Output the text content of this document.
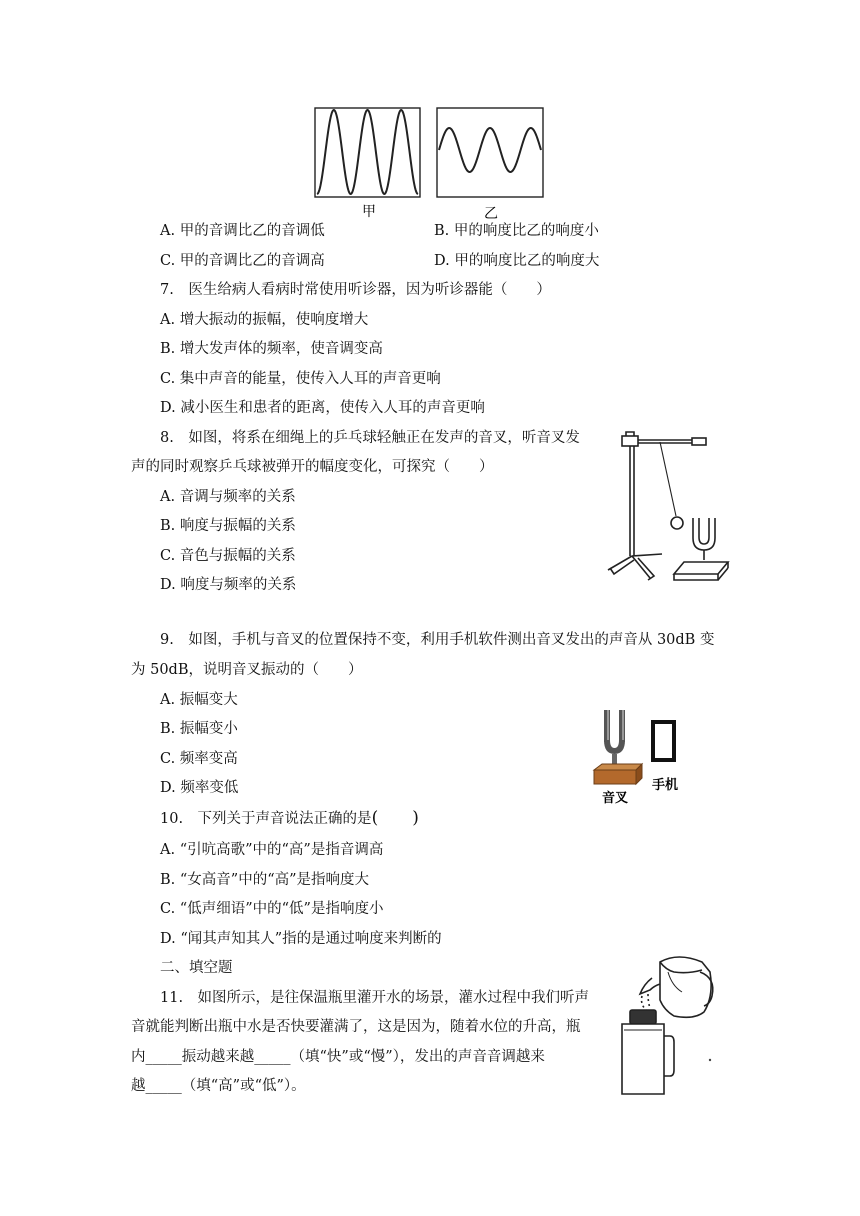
甲	乙
A. 甲的音调比乙的音调低	B. 甲的响度比乙的响度小
C. 甲的音调比乙的音调高	D. 甲的响度比乙的响度大
7.　医生给病人看病时常使用听诊器，因为听诊器能（　　）
A. 增大振动的振幅，使响度增大
B. 增大发声体的频率，使音调变高
C. 集中声音的能量，使传入人耳的声音更响
D. 减小医生和患者的距离，使传入人耳的声音更响
8.　如图，将系在细绳上的乒乓球轻触正在发声的音叉，听音叉发
声的同时观察乒乓球被弹开的幅度变化，可探究（　　）
A. 音调与频率的关系
B. 响度与振幅的关系
C. 音色与振幅的关系
D. 响度与频率的关系
9.　如图，手机与音叉的位置保持不变，利用手机软件测出音叉发出的声音从 30dB 变
为 50dB，说明音叉振动的（　　）
A. 振幅变大
B. 振幅变小
C. 频率变高
D. 频率变低	手机
音叉
10.　下列关于声音说法正确的是(　　)
A. “引吭高歌”中的“高”是指音调高
B. “女高音”中的“高”是指响度大
C. “低声细语”中的“低”是指响度小
D. “闻其声知其人”指的是通过响度来判断的
二、填空题
11.　如图所示，是往保温瓶里灌开水的场景，灌水过程中我们听声
音就能判断出瓶中水是否快要灌满了，这是因为，随着水位的升高，瓶
内_____振动越来越_____（填“快”或“慢”），发出的声音音调越来
越_____（填“高”或“低”）。
